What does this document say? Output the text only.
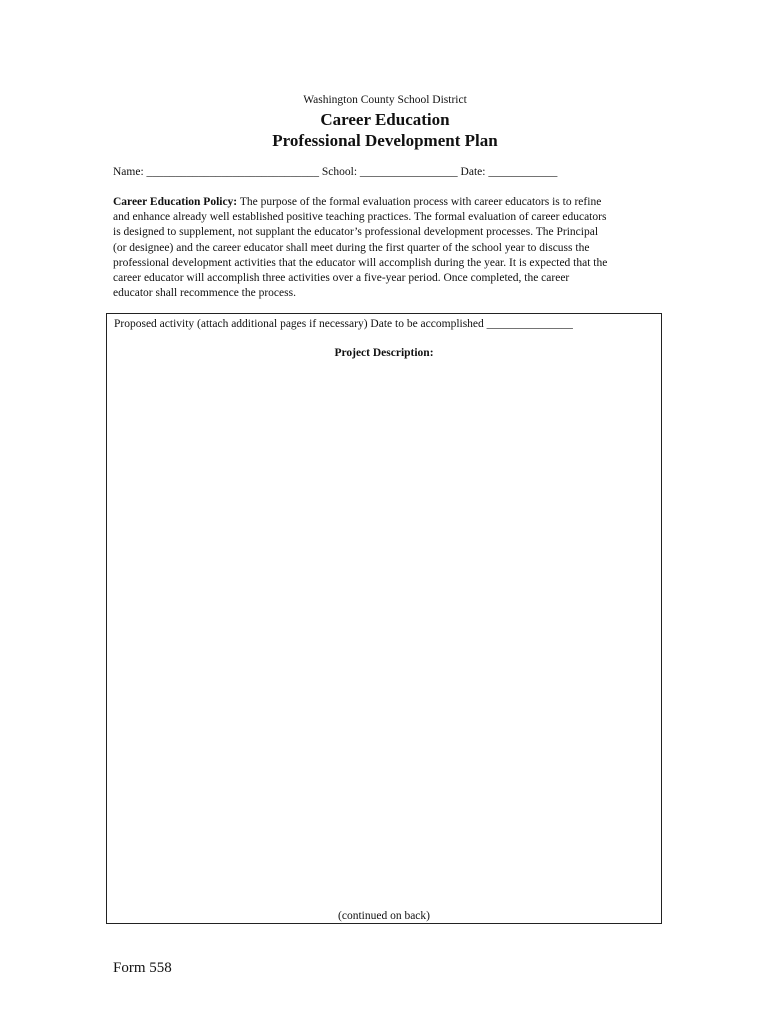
Washington County School District
Career Education
Professional Development Plan
Name: ______________________________ School: _________________ Date: ____________
Career Education Policy: The purpose of the formal evaluation process with career educators is to refine
and enhance already well established positive teaching practices. The formal evaluation of career educators
is designed to supplement, not supplant the educator’s professional development processes. The Principal
(or designee) and the career educator shall meet during the first quarter of the school year to discuss the
professional development activities that the educator will accomplish during the year. It is expected that the
career educator will accomplish three activities over a five-year period. Once completed, the career
educator shall recommence the process.
Proposed activity (attach additional pages if necessary) Date to be accomplished _______________
Project Description:
(continued on back)
Form 558
